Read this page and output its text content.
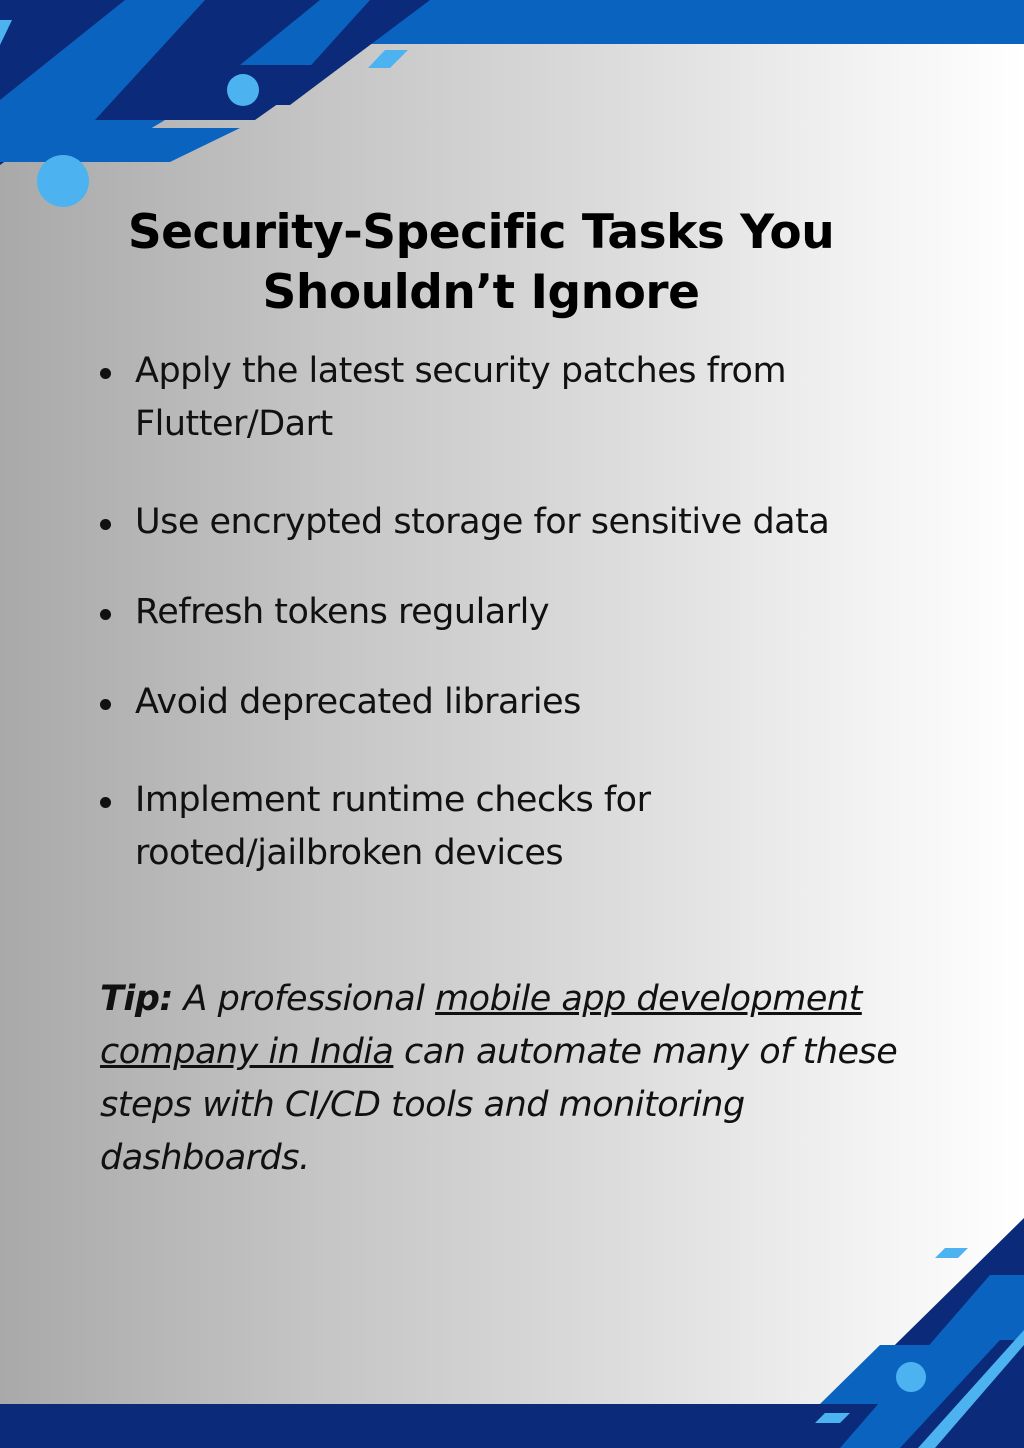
Security-Specific Tasks You
Shouldn’t Ignore
Apply the latest security patches from
Flutter/Dart
Use encrypted storage for sensitive data
Refresh tokens regularly
Avoid deprecated libraries
Implement runtime checks for
rooted/jailbroken devices

Tip: A professional mobile app development company in India can automate many of these steps with CI/CD tools and monitoring dashboards.
